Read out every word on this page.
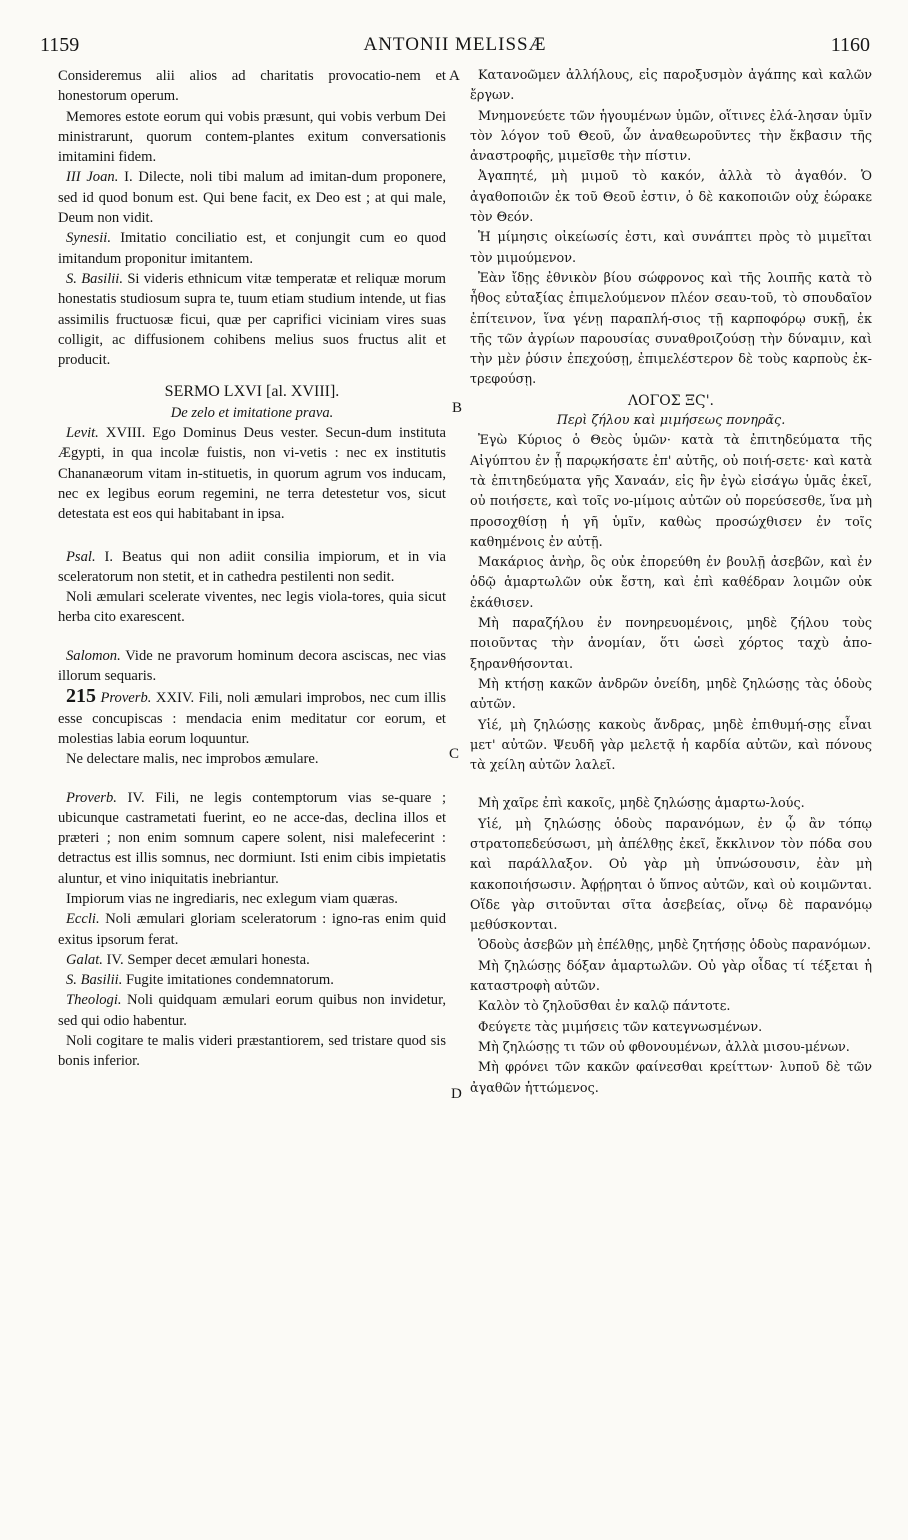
1159	ANTONII MELISSÆ	1160
A
B
C
D

Consideremus alii alios ad charitatis provocatio-nem et honestorum operum.

Memores estote eorum qui vobis præsunt, qui vobis verbum Dei ministrarunt, quorum contem-plantes exitum conversationis imitamini fidem.

III Joan. I. Dilecte, noli tibi malum ad imitan-dum proponere, sed id quod bonum est. Qui bene facit, ex Deo est ; at qui male, Deum non vidit.

Synesii. Imitatio conciliatio est, et conjungit cum eo quod imitandum proponitur imitantem.

S. Basilii. Si videris ethnicum vitæ temperatæ et reliquæ morum honestatis studiosum supra te, tuum etiam studium intende, ut fias assimilis fructuosæ ficui, quæ per caprifici viciniam vires suas colligit, ac diffusionem cohibens melius suos fructus alit et producit.

SERMO LXVI [al. XVIII].

De zelo et imitatione prava.

Levit. XVIII. Ego Dominus Deus vester. Secun-dum instituta Ægypti, in qua incolæ fuistis, non vi-vetis : nec ex institutis Chananæorum vitam in-stituetis, in quorum agrum vos inducam, nec ex legibus eorum regemini, ne terra detestetur vos, sicut detestata est eos qui habitabant in ipsa.

Psal. I. Beatus qui non adiit consilia impiorum, et in via sceleratorum non stetit, et in cathedra pestilenti non sedit.

Noli æmulari scelerate viventes, nec legis viola-tores, quia sicut herba cito exarescent.

Salomon. Vide ne pravorum hominum decora asciscas, nec vias illorum sequaris.

215 Proverb. XXIV. Fili, noli æmulari improbos, nec cum illis esse concupiscas : mendacia enim meditatur cor eorum, et molestias labia eorum loquuntur.

Ne delectare malis, nec improbos æmulare.

Proverb. IV. Fili, ne legis contemptorum vias se-quare ; ubicunque castrametati fuerint, eo ne acce-das, declina illos et præteri ; non enim somnum capere solent, nisi malefecerint : detractus est illis somnus, nec dormiunt. Isti enim cibis impietatis aluntur, et vino iniquitatis inebriantur.

Impiorum vias ne ingrediaris, nec exlegum viam quæras.

Eccli. Noli æmulari gloriam sceleratorum : igno-ras enim quid exitus ipsorum ferat.

Galat. IV. Semper decet æmulari honesta.

S. Basilii. Fugite imitationes condemnatorum.

Theologi. Noli quidquam æmulari eorum quibus non invidetur, sed qui odio habentur.

Noli cogitare te malis videri præstantiorem, sed tristare quod sis bonis inferior.

Κατανοῶμεν ἀλλήλους, εἰς παροξυσμὸν ἀγάπης καὶ καλῶν ἔργων.

Μνημονεύετε τῶν ἡγουμένων ὑμῶν, οἵτινες ἐλά-λησαν ὑμῖν τὸν λόγον τοῦ Θεοῦ, ὧν ἀναθεωροῦντες τὴν ἔκβασιν τῆς ἀναστροφῆς, μιμεῖσθε τὴν πίστιν.

Ἀγαπητέ, μὴ μιμοῦ τὸ κακόν, ἀλλὰ τὸ ἀγαθόν. Ὁ ἀγαθοποιῶν ἐκ τοῦ Θεοῦ ἐστιν, ὁ δὲ κακοποιῶν οὐχ ἑώρακε τὸν Θεόν.

Ἡ μίμησις οἰκείωσίς ἐστι, καὶ συνάπτει πρὸς τὸ μιμεῖται τὸν μιμούμενον.

Ἐὰν ἴδῃς ἐθνικὸν βίου σώφρονος καὶ τῆς λοιπῆς κατὰ τὸ ἦθος εὐταξίας ἐπιμελούμενον πλέον σεαυ-τοῦ, τὸ σπουδαῖον ἐπίτεινον, ἵνα γένῃ παραπλή-σιος τῇ καρποφόρῳ συκῇ, ἐκ τῆς τῶν ἀγρίων παρουσίας συναθροιζούσῃ τὴν δύναμιν, καὶ τὴν μὲν ῥύσιν ἐπεχούσῃ, ἐπιμελέστερον δὲ τοὺς καρποὺς ἐκ-τρεφούσῃ.

ΛΟΓΟΣ ΞϚ'.

Περὶ ζήλου καὶ μιμήσεως πονηρᾶς.

Ἐγὼ Κύριος ὁ Θεὸς ὑμῶν· κατὰ τὰ ἐπιτηδεύματα τῆς Αἰγύπτου ἐν ᾗ παρῳκήσατε ἐπ' αὐτῆς, οὐ ποιή-σετε· καὶ κατὰ τὰ ἐπιτηδεύματα γῆς Χαναάν, εἰς ἣν ἐγὼ εἰσάγω ὑμᾶς ἐκεῖ, οὐ ποιήσετε, καὶ τοῖς νο-μίμοις αὐτῶν οὐ πορεύσεσθε, ἵνα μὴ προσοχθίσῃ ἡ γῆ ὑμῖν, καθὼς προσώχθισεν ἐν τοῖς καθημένοις ἐν αὐτῇ.

Μακάριος ἀνὴρ, ὃς οὐκ ἐπορεύθη ἐν βουλῇ ἀσεβῶν, καὶ ἐν ὁδῷ ἁμαρτωλῶν οὐκ ἔστη, καὶ ἐπὶ καθέδραν λοιμῶν οὐκ ἐκάθισεν.

Μὴ παραζήλου ἐν πονηρευομένοις, μηδὲ ζήλου τοὺς ποιοῦντας τὴν ἀνομίαν, ὅτι ὡσεὶ χόρτος ταχὺ ἀπο-ξηρανθήσονται.

Μὴ κτήσῃ κακῶν ἀνδρῶν ὀνείδη, μηδὲ ζηλώσῃς τὰς ὁδοὺς αὐτῶν.

Υἱέ, μὴ ζηλώσῃς κακοὺς ἄνδρας, μηδὲ ἐπιθυμή-σῃς εἶναι μετ' αὐτῶν. Ψευδῆ γὰρ μελετᾷ ἡ καρδία αὐτῶν, καὶ πόνους τὰ χείλη αὐτῶν λαλεῖ.

Μὴ χαῖρε ἐπὶ κακοῖς, μηδὲ ζηλώσῃς ἁμαρτω-λούς.

Υἱέ, μὴ ζηλώσῃς ὁδοὺς παρανόμων, ἐν ᾧ ἂν τόπῳ στρατοπεδεύσωσι, μὴ ἀπέλθῃς ἐκεῖ, ἔκκλινον τὸν πόδα σου καὶ παράλλαξον. Οὐ γὰρ μὴ ὑπνώσουσιν, ἐὰν μὴ κακοποιήσωσιν. Ἀφῄρηται ὁ ὕπνος αὐτῶν, καὶ οὐ κοιμῶνται. Οἵδε γὰρ σιτοῦνται σῖτα ἀσεβείας, οἴνῳ δὲ παρανόμῳ μεθύσκονται.

Ὁδοὺς ἀσεβῶν μὴ ἐπέλθῃς, μηδὲ ζητήσῃς ὁδοὺς παρανόμων.

Μὴ ζηλώσῃς δόξαν ἁμαρτωλῶν. Οὐ γὰρ οἶδας τί τέξεται ἡ καταστροφὴ αὐτῶν.

Καλὸν τὸ ζηλοῦσθαι ἐν καλῷ πάντοτε.

Φεύγετε τὰς μιμήσεις τῶν κατεγνωσμένων.

Μὴ ζηλώσῃς τι τῶν οὐ φθονουμένων, ἀλλὰ μισου-μένων.

Μὴ φρόνει τῶν κακῶν φαίνεσθαι κρείττων· λυποῦ δὲ τῶν ἀγαθῶν ἡττώμενος.
